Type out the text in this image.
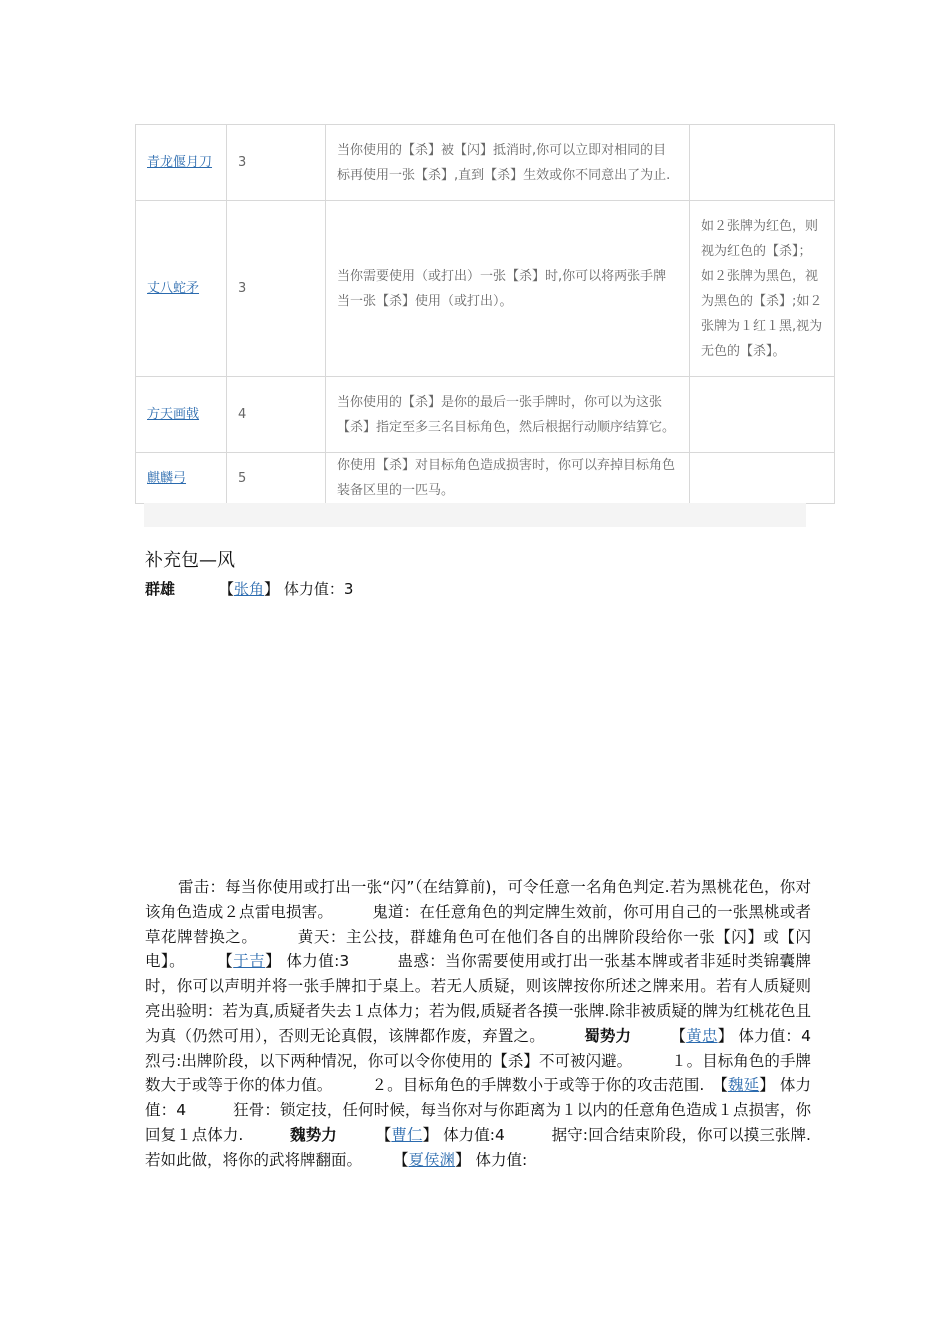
青龙偃月刀	3	当你使用的【杀】被【闪】抵消时,你可以立即对相同的目标再使用一张【杀】,直到【杀】生效或你不同意出了为止.	
丈八蛇矛	3	当你需要使用（或打出）一张【杀】时,你可以将两张手牌当一张【杀】使用（或打出）。	如２张牌为红色，则视为红色的【杀】；如２张牌为黑色，视为黑色的【杀】;如２张牌为１红１黑,视为无色的【杀】。
方天画戟	4	当你使用的【杀】是你的最后一张手牌时，你可以为这张【杀】指定至多三名目标角色，然后根据行动顺序结算它。	
麒麟弓	5	你使用【杀】对目标角色造成损害时，你可以弃掉目标角色装备区里的一匹马。	
补充包—风
群雄	【张角】 体力值：3
雷击：每当你使用或打出一张“闪”（在结算前)，可令任意一名角色判定.若为黑桃花色，你对该角色造成２点雷电损害。　　　鬼道：在任意角色的判定牌生效前，你可用自己的一张黑桃或者草花牌替换之。　　　黄天：主公技，群雄角色可在他们各自的出牌阶段给你一张【闪】或【闪电】。　　　【于吉】 体力值:3　　　蛊惑：当你需要使用或打出一张基本牌或者非延时类锦囊牌时，你可以声明并将一张手牌扣于桌上。若无人质疑，则该牌按你所述之牌来用。若有人质疑则亮出验明：若为真,质疑者失去１点体力；若为假,质疑者各摸一张牌.除非被质疑的牌为红桃花色且为真（仍然可用），否则无论真假，该牌都作废，弃置之。　　　蜀势力　　　【黄忠】 体力值：4　　　烈弓:出牌阶段，以下两种情况，你可以令你使用的【杀】不可被闪避。　　　１。目标角色的手牌数大于或等于你的体力值。　　　２。目标角色的手牌数小于或等于你的攻击范围.　【魏延】 体力值：4　　　狂骨：锁定技，任何时候，每当你对与你距离为１以内的任意角色造成１点损害，你回复１点体力.　　　魏势力　　　【曹仁】 体力值:4　　　据守:回合结束阶段，你可以摸三张牌.若如此做，将你的武将牌翻面。　　　【夏侯渊】 体力值:
